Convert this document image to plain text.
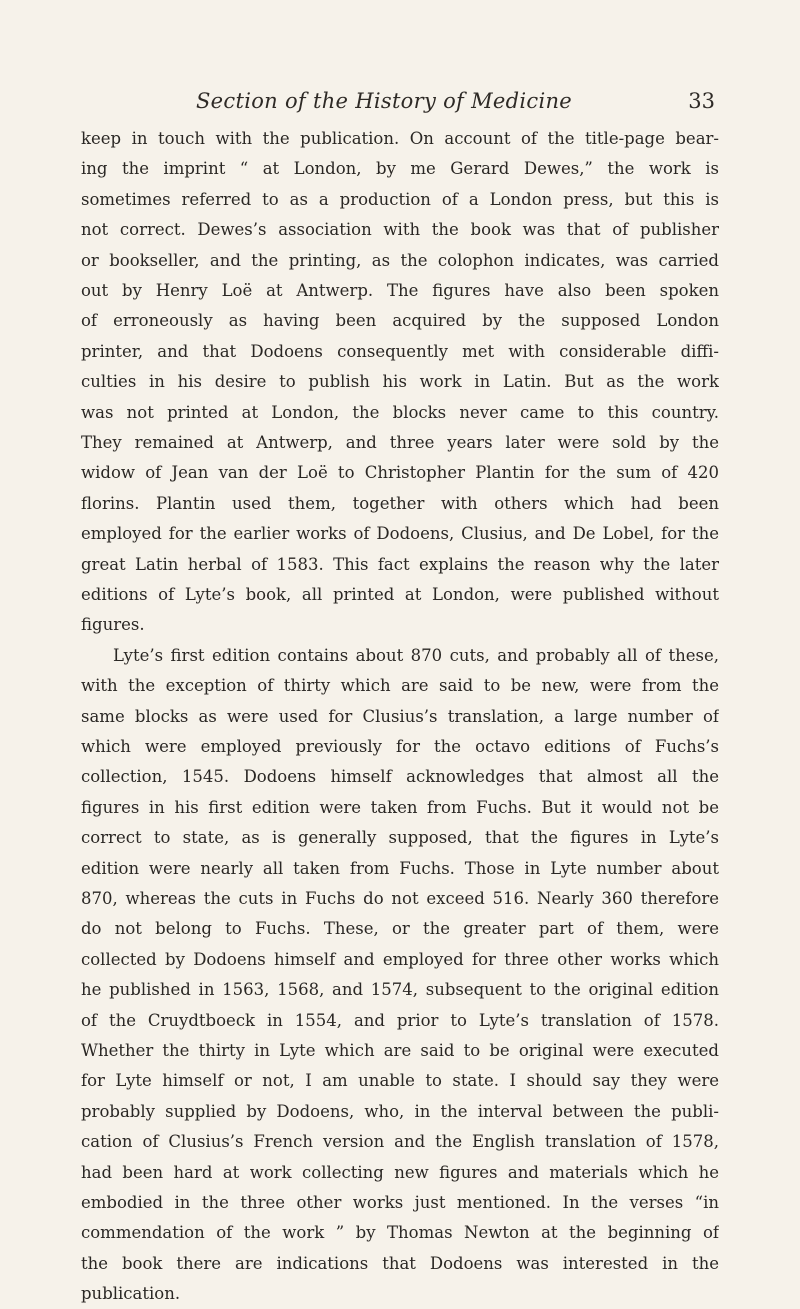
Section of the History of Medicine	33
keep in touch with the publication. On account of the title-page bear-
ing the imprint “ at London, by me Gerard Dewes,” the work is
sometimes referred to as a production of a London press, but this is
not correct. Dewes’s association with the book was that of publisher
or bookseller, and the printing, as the colophon indicates, was carried
out by Henry Loë at Antwerp. The figures have also been spoken
of erroneously as having been acquired by the supposed London
printer, and that Dodoens consequently met with considerable diffi-
culties in his desire to publish his work in Latin. But as the work
was not printed at London, the blocks never came to this country.
They remained at Antwerp, and three years later were sold by the
widow of Jean van der Loë to Christopher Plantin for the sum of 420
florins. Plantin used them, together with others which had been
employed for the earlier works of Dodoens, Clusius, and De Lobel, for the
great Latin herbal of 1583. This fact explains the reason why the later
editions of Lyte’s book, all printed at London, were published without
figures.
Lyte’s first edition contains about 870 cuts, and probably all of these,
with the exception of thirty which are said to be new, were from the
same blocks as were used for Clusius’s translation, a large number of
which were employed previously for the octavo editions of Fuchs’s
collection, 1545. Dodoens himself acknowledges that almost all the
figures in his first edition were taken from Fuchs. But it would not be
correct to state, as is generally supposed, that the figures in Lyte’s
edition were nearly all taken from Fuchs. Those in Lyte number about
870, whereas the cuts in Fuchs do not exceed 516. Nearly 360 therefore
do not belong to Fuchs. These, or the greater part of them, were
collected by Dodoens himself and employed for three other works which
he published in 1563, 1568, and 1574, subsequent to the original edition
of the Cruydtboeck in 1554, and prior to Lyte’s translation of 1578.
Whether the thirty in Lyte which are said to be original were executed
for Lyte himself or not, I am unable to state. I should say they were
probably supplied by Dodoens, who, in the interval between the publi-
cation of Clusius’s French version and the English translation of 1578,
had been hard at work collecting new figures and materials which he
embodied in the three other works just mentioned. In the verses “in
commendation of the work ” by Thomas Newton at the beginning of
the book there are indications that Dodoens was interested in the
publication.
